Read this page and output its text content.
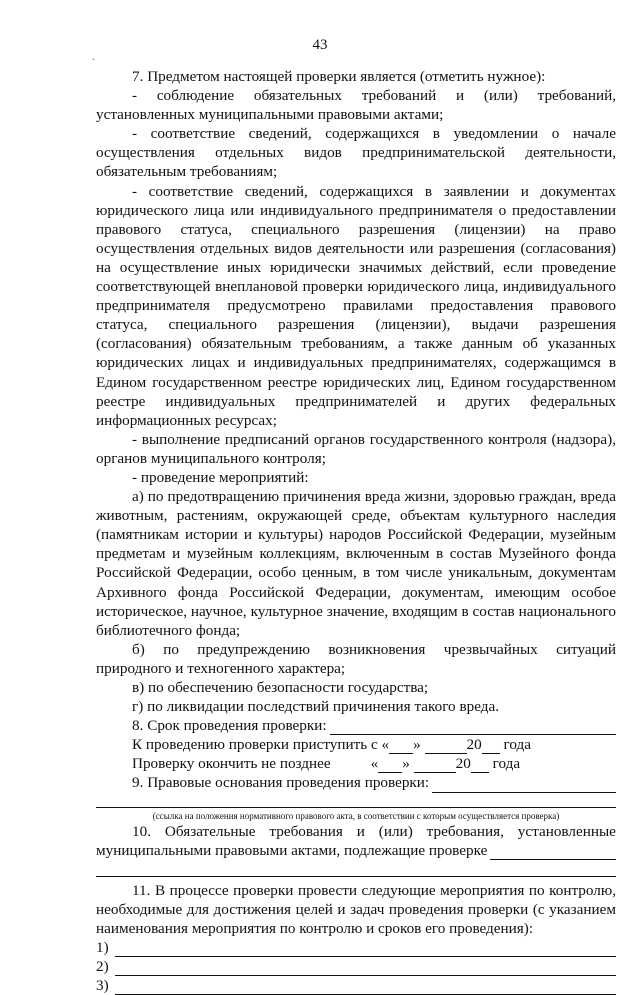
43
.

7. Предметом настоящей проверки является (отметить нужное):

- соблюдение обязательных требований и (или) требований, установленных муниципальными правовыми актами;

- соответствие сведений, содержащихся в уведомлении о начале осуществления отдельных видов предпринимательской деятельности, обязательным требованиям;

- соответствие сведений, содержащихся в заявлении и документах юридического лица или индивидуального предпринимателя о предоставлении правового статуса, специального разрешения (лицензии) на право осуществления отдельных видов деятельности или разрешения (согласования) на осуществление иных юридически значимых действий, если проведение соответствующей внеплановой проверки юридического лица, индивидуального предпринимателя предусмотрено правилами предоставления правового статуса, специального разрешения (лицензии), выдачи разрешения (согласования) обязательным требованиям, а также данным об указанных юридических лицах и индивидуальных предпринимателях, содержащимся в Едином государственном реестре юридических лиц, Едином государственном реестре индивидуальных предпринимателей и других федеральных информационных ресурсах;

- выполнение предписаний органов государственного контроля (надзора), органов муниципального контроля;

- проведение мероприятий:

а) по предотвращению причинения вреда жизни, здоровью граждан, вреда животным, растениям, окружающей среде, объектам культурного наследия (памятникам истории и культуры) народов Российской Федерации, музейным предметам и музейным коллекциям, включенным в состав Музейного фонда Российской Федерации, особо ценным, в том числе уникальным, документам Архивного фонда Российской Федерации, документам, имеющим особое историческое, научное, культурное значение, входящим в состав национального библиотечного фонда;

б) по предупреждению возникновения чрезвычайных ситуаций природного и техногенного характера;

в) по обеспечению безопасности государства;

г) по ликвидации последствий причинения такого вреда.

8. Срок проведения проверки:
К проведению проверки приступить с
« »
	20
года
Проверку окончить не позднее	« »
	20
года
9. Правовые основания проведения проверки:
(ссылка на положения нормативного правового акта, в соответствии с которым осуществляется проверка)
10. Обязательные требования и (или) требования, установленные
муниципальными правовыми актами, подлежащие проверке

11. В процессе проверки провести следующие мероприятия по контролю, необходимые для достижения целей и задач проведения проверки (с указанием наименования мероприятия по контролю и сроков его проведения):

1)
2)
3)
